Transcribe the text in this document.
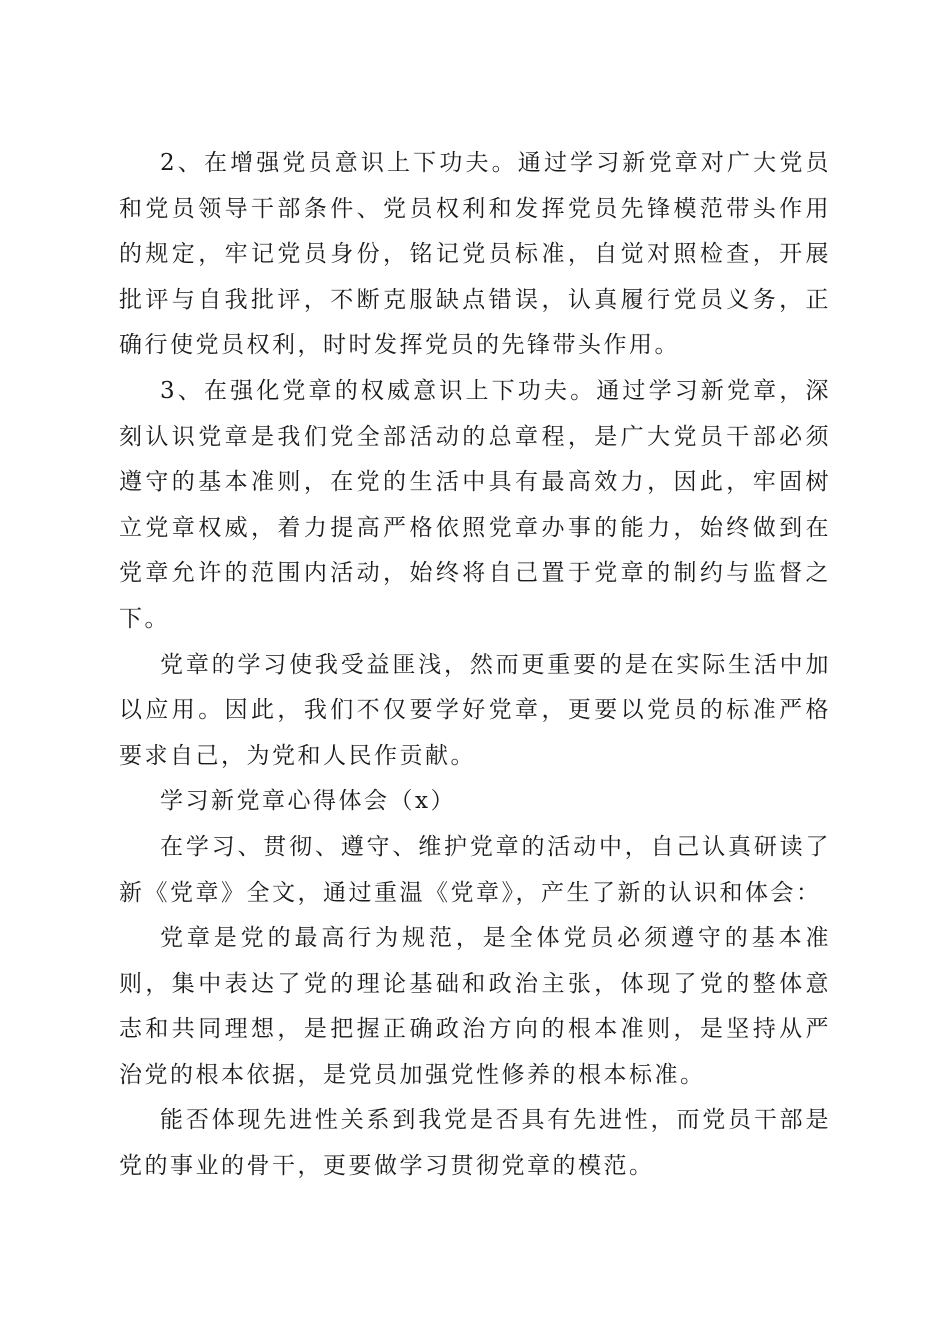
2、在增强党员意识上下功夫。通过学习新党章对广大党员和党员领导干部条件、党员权利和发挥党员先锋模范带头作用的规定，牢记党员身份，铭记党员标准，自觉对照检查，开展批评与自我批评，不断克服缺点错误，认真履行党员义务，正确行使党员权利，时时发挥党员的先锋带头作用。

3、在强化党章的权威意识上下功夫。通过学习新党章，深刻认识党章是我们党全部活动的总章程，是广大党员干部必须遵守的基本准则，在党的生活中具有最高效力，因此，牢固树立党章权威，着力提高严格依照党章办事的能力，始终做到在党章允许的范围内活动，始终将自己置于党章的制约与监督之下。

党章的学习使我受益匪浅，然而更重要的是在实际生活中加以应用。因此，我们不仅要学好党章，更要以党员的标准严格要求自己，为党和人民作贡献。

学习新党章心得体会（x）

在学习、贯彻、遵守、维护党章的活动中，自己认真研读了新《党章》全文，通过重温《党章》，产生了新的认识和体会：

党章是党的最高行为规范，是全体党员必须遵守的基本准则，集中表达了党的理论基础和政治主张，体现了党的整体意志和共同理想，是把握正确政治方向的根本准则，是坚持从严治党的根本依据，是党员加强党性修养的根本标准。

能否体现先进性关系到我党是否具有先进性，而党员干部是党的事业的骨干，更要做学习贯彻党章的模范。
